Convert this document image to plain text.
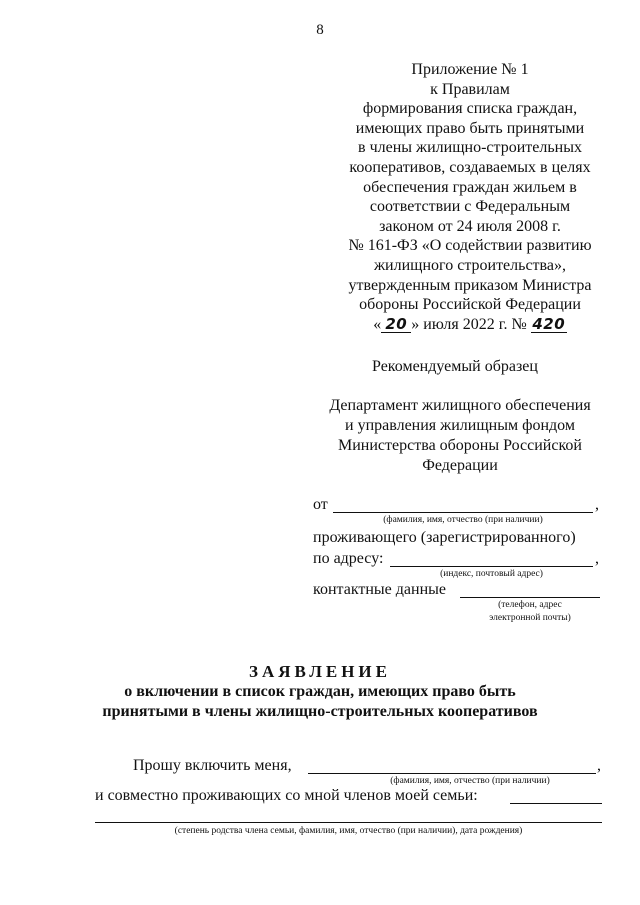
8
Приложение № 1
к Правилам
формирования списка граждан,
имеющих право быть принятыми
в члены жилищно-строительных
кооперативов, создаваемых в целях
обеспечения граждан жильем в
соответствии с Федеральным
законом от 24 июля 2008 г.
№ 161-ФЗ «О содействии развитию
жилищного строительства»,
утвержденным приказом Министра
обороны Российской Федерации
« 20 » июля 2022 г. № 420
Рекомендуемый образец
Департамент жилищного обеспечения
и управления жилищным фондом
Министерства обороны Российской
Федерации
от	,
(фамилия, имя, отчество (при наличии)
проживающего (зарегистрированного)
по адресу:	,
(индекс, почтовый адрес)
контактные данные
(телефон, адрес
электронной почты)
ЗАЯВЛЕНИЕ
о включении в список граждан, имеющих право быть
принятыми в члены жилищно-строительных кооперативов
Прошу включить меня,	,
(фамилия, имя, отчество (при наличии)
и совместно проживающих со мной членов моей семьи:
(степень родства члена семьи, фамилия, имя, отчество (при наличии), дата рождения)
